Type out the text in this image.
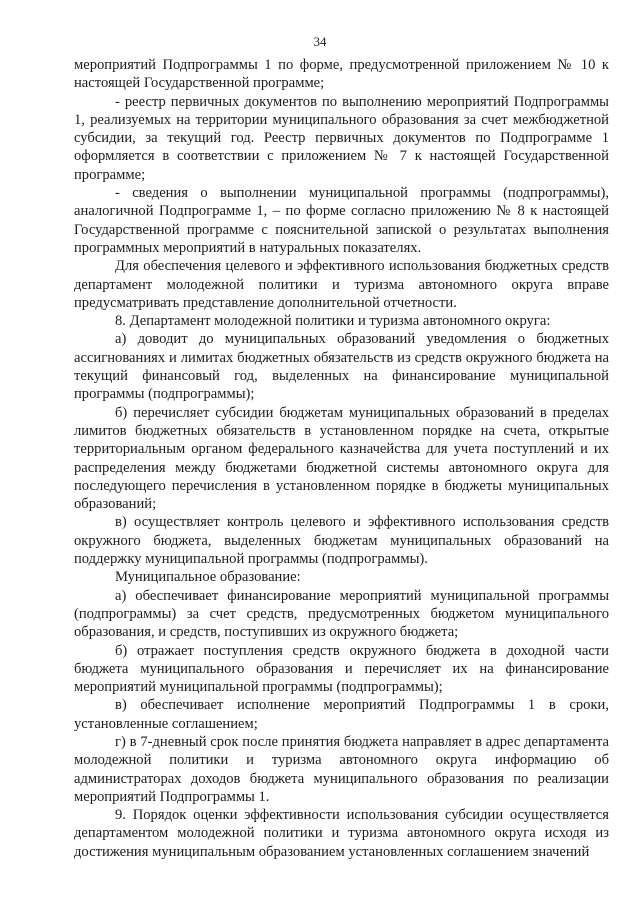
34

мероприятий Подпрограммы 1 по форме, предусмотренной приложением № 10 к настоящей Государственной программе;

- реестр первичных документов по выполнению мероприятий Подпрограммы 1, реализуемых на территории муниципального образования за счет межбюджетной субсидии, за текущий год. Реестр первичных документов по Подпрограмме 1 оформляется в соответствии с приложением № 7 к настоящей Государственной программе;

- сведения о выполнении муниципальной программы (подпрограммы), аналогичной Подпрограмме 1, – по форме согласно приложению № 8 к настоящей Государственной программе с пояснительной запиской о результатах выполнения программных мероприятий в натуральных показателях.

Для обеспечения целевого и эффективного использования бюджетных средств департамент молодежной политики и туризма автономного округа вправе предусматривать представление дополнительной отчетности.

8. Департамент молодежной политики и туризма автономного округа:

а) доводит до муниципальных образований уведомления о бюджетных ассигнованиях и лимитах бюджетных обязательств из средств окружного бюджета на текущий финансовый год, выделенных на финансирование муниципальной программы (подпрограммы);

б) перечисляет субсидии бюджетам муниципальных образований в пределах лимитов бюджетных обязательств в установленном порядке на счета, открытые территориальным органом федерального казначейства для учета поступлений и их распределения между бюджетами бюджетной системы автономного округа для последующего перечисления в установленном порядке в бюджеты муниципальных образований;

в) осуществляет контроль целевого и эффективного использования средств окружного бюджета, выделенных бюджетам муниципальных образований на поддержку муниципальной программы (подпрограммы).

Муниципальное образование:

а) обеспечивает финансирование мероприятий муниципальной программы (подпрограммы) за счет средств, предусмотренных бюджетом муниципального образования, и средств, поступивших из окружного бюджета;

б) отражает поступления средств окружного бюджета в доходной части бюджета муниципального образования и перечисляет их на финансирование мероприятий муниципальной программы (подпрограммы);

в) обеспечивает исполнение мероприятий Подпрограммы 1 в сроки, установленные соглашением;

г) в 7-дневный срок после принятия бюджета направляет в адрес департамента молодежной политики и туризма автономного округа информацию об администраторах доходов бюджета муниципального образования по реализации мероприятий Подпрограммы 1.

9. Порядок оценки эффективности использования субсидии осуществляется департаментом молодежной политики и туризма автономного округа исходя из достижения муниципальным образованием установленных соглашением значений
